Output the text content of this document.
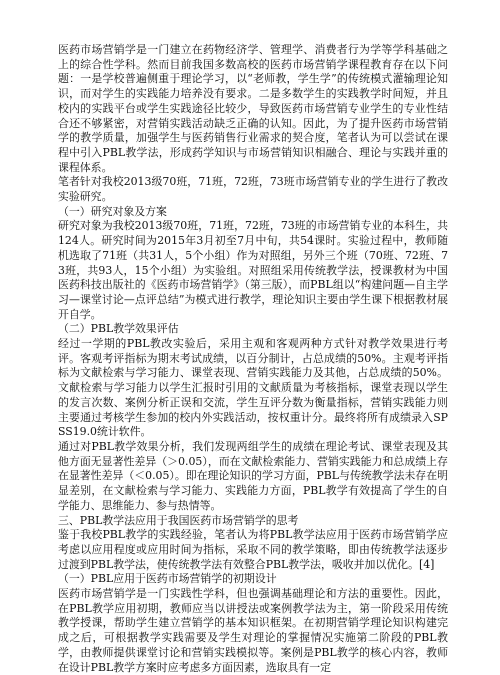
医药市场营销学是一门建立在药物经济学、管理学、消费者行为学等学科基础之上的综合性学科。然而目前我国多数高校的医药市场营销学课程教育存在以下问题：一是学校普遍侧重于理论学习，以“老师教，学生学”的传统模式灌输理论知识，而对学生的实践能力培养没有要求。二是多数学生的实践教学时间短，并且校内的实践平台或学生实践途径比较少，导致医药市场营销专业学生的专业性结合还不够紧密，对营销实践活动缺乏正确的认知。因此，为了提升医药市场营销学的教学质量，加强学生与医药销售行业需求的契合度，笔者认为可以尝试在课程中引入PBL教学法，形成药学知识与市场营销知识相融合、理论与实践并重的课程体系。

笔者针对我校2013级70班，71班，72班，73班市场营销专业的学生进行了教改实验研究。

（一）研究对象及方案

研究对象为我校2013级70班，71班，72班，73班的市场营销专业的本科生，共124人。研究时间为2015年3月初至7月中旬，共54课时。实验过程中，教师随机选取了71班（共31人，5个小组）作为对照组，另外三个班（70班、72班、73班，共93人，15个小组）为实验组。对照组采用传统教学法，授课教材为中国医药科技出版社的《医药市场营销学》（第三版），而PBL组以“构建问题—自主学习—课堂讨论—点评总结”为模式进行教学，理论知识主要由学生课下根据教材展开自学。

（二）PBL教学效果评估

经过一学期的PBL教改实验后，采用主观和客观两种方式针对教学效果进行考评。客观考评指标为期末考试成绩，以百分制计，占总成绩的50%。主观考评指标为文献检索与学习能力、课堂表现、营销实践能力及其他，占总成绩的50%。文献检索与学习能力以学生汇报时引用的文献质量为考核指标，课堂表现以学生的发言次数、案例分析正误和交流，学生互评分数为衡量指标，营销实践能力则主要通过考核学生参加的校内外实践活动，按权重计分。最终将所有成绩录入SPSS19.0统计软件。

通过对PBL教学效果分析，我们发现两组学生的成绩在理论考试、课堂表现及其他方面无显著性差异（＞0.05），而在文献检索能力、营销实践能力和总成绩上存在显著性差异（＜0.05）。即在理论知识的学习方面，PBL与传统教学法未存在明显差别，在文献检索与学习能力、实践能力方面，PBL教学有效提高了学生的自学能力、思维能力、参与热情等。

三、PBL教学法应用于我国医药市场营销学的思考

鉴于我校PBL教学的实践经验，笔者认为将PBL教学法应用于医药市场营销学应考虑以应用程度或应用时间为指标，采取不同的教学策略，即由传统教学法逐步过渡到PBL教学法，使传统教学法有效整合PBL教学法，吸收并加以优化。[4]

（一）PBL应用于医药市场营销学的初期设计

医药市场营销学是一门实践性学科，但也强调基础理论和方法的重要性。因此，在PBL教学应用初期，教师应当以讲授法或案例教学法为主，第一阶段采用传统教学授课，帮助学生建立营销学的基本知识框架。在初期营销学理论知识构建完成之后，可根据教学实践需要及学生对理论的掌握情况实施第二阶段的PBL教学，由教师提供课堂讨论和营销实践模拟等。案例是PBL教学的核心内容，教师在设计PBL教学方案时应考虑多方面因素，选取具有一定
